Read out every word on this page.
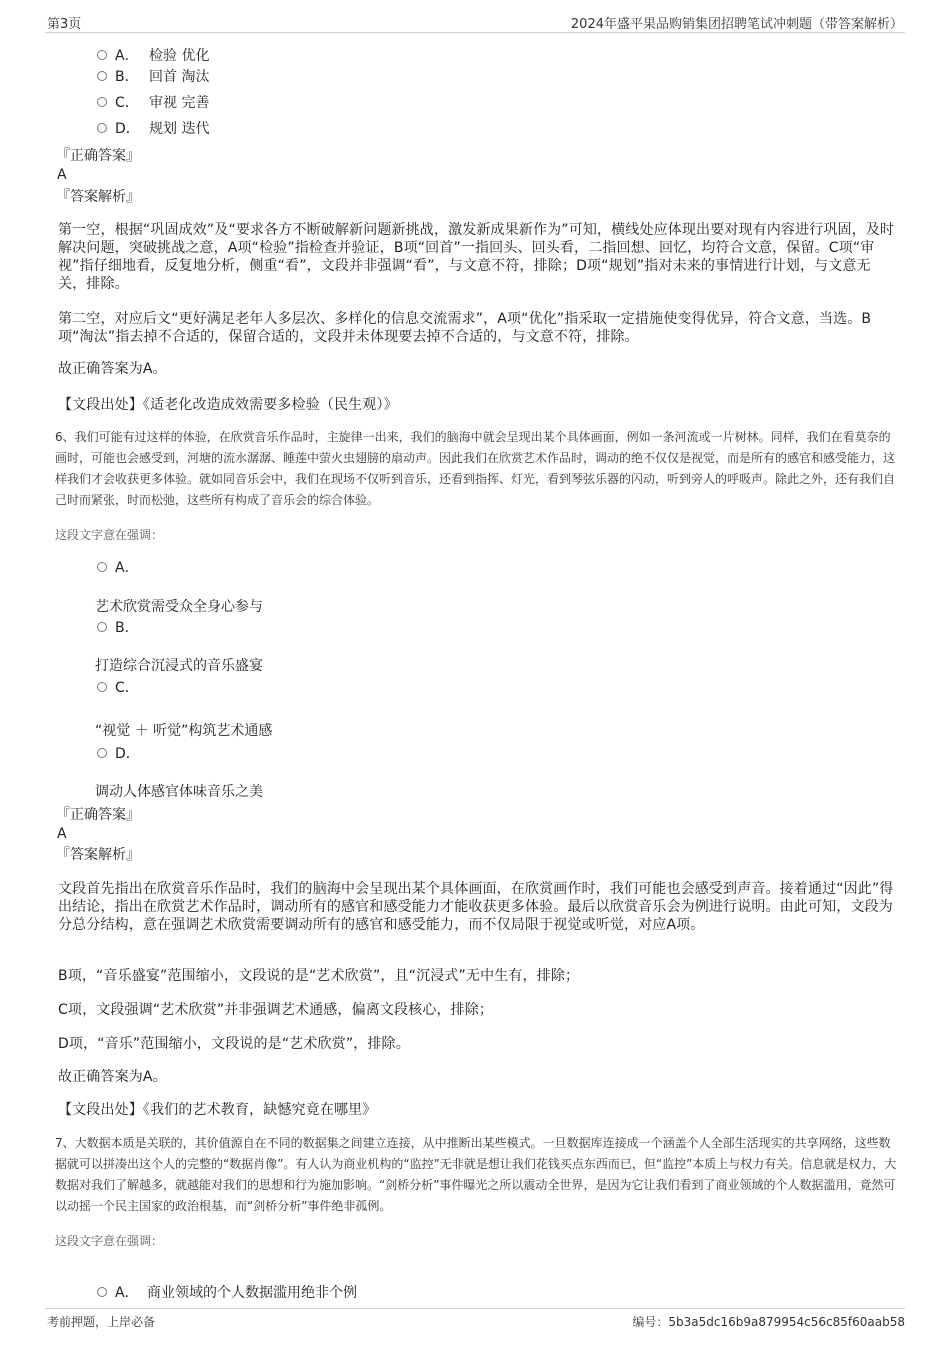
第3页	2024年盛平果品购销集团招聘笔试冲刺题（带答案解析）
A． 检验 优化
B． 回首 淘汰
C． 审视 完善
D． 规划 迭代
『正确答案』
A
『答案解析』
第一空，根据“巩固成效”及“要求各方不断破解新问题新挑战，激发新成果新作为”可知，横线处应体现出要对现有内容进行巩固，及时解决问题，突破挑战之意，A项“检验”指检查并验证，B项“回首”一指回头、回头看，二指回想、回忆，均符合文意，保留。C项“审视”指仔细地看，反复地分析，侧重“看”，文段并非强调“看”，与文意不符，排除；D项“规划”指对未来的事情进行计划，与文意无关，排除。
第二空，对应后文“更好满足老年人多层次、多样化的信息交流需求”，A项“优化”指采取一定措施使变得优异，符合文意，当选。B项“淘汰”指去掉不合适的，保留合适的，文段并未体现要去掉不合适的，与文意不符，排除。
故正确答案为A。
【文段出处】《适老化改造成效需要多检验（民生观）》
6、我们可能有过这样的体验，在欣赏音乐作品时，主旋律一出来，我们的脑海中就会呈现出某个具体画面，例如一条河流或一片树林。同样，我们在看莫奈的画时，可能也会感受到，河塘的流水潺潺、睡莲中萤火虫翅膀的扇动声。因此我们在欣赏艺术作品时，调动的绝不仅仅是视觉，而是所有的感官和感受能力，这样我们才会收获更多体验。就如同音乐会中，我们在现场不仅听到音乐，还看到指挥、灯光，看到琴弦乐器的闪动，听到旁人的呼吸声。除此之外，还有我们自己时而紧张，时而松弛，这些所有构成了音乐会的综合体验。
这段文字意在强调：
A．
艺术欣赏需受众全身心参与
B．
打造综合沉浸式的音乐盛宴
C．
“视觉 ＋ 听觉”构筑艺术通感
D．
调动人体感官体味音乐之美
『正确答案』
A
『答案解析』
文段首先指出在欣赏音乐作品时，我们的脑海中会呈现出某个具体画面，在欣赏画作时，我们可能也会感受到声音。接着通过“因此”得出结论，指出在欣赏艺术作品时，调动所有的感官和感受能力才能收获更多体验。最后以欣赏音乐会为例进行说明。由此可知，文段为分总分结构，意在强调艺术欣赏需要调动所有的感官和感受能力，而不仅局限于视觉或听觉，对应A项。
B项，“音乐盛宴”范围缩小，文段说的是“艺术欣赏”，且“沉浸式”无中生有，排除；
C项，文段强调“艺术欣赏”并非强调艺术通感，偏离文段核心，排除；
D项，“音乐”范围缩小，文段说的是“艺术欣赏”，排除。
故正确答案为A。
【文段出处】《我们的艺术教育，缺憾究竟在哪里》
7、大数据本质是关联的，其价值源自在不同的数据集之间建立连接，从中推断出某些模式。一旦数据库连接成一个涵盖个人全部生活现实的共享网络，这些数据就可以拼凑出这个人的完整的“数据肖像”。有人认为商业机构的“监控”无非就是想让我们花钱买点东西而已，但“监控”本质上与权力有关。信息就是权力，大数据对我们了解越多，就越能对我们的思想和行为施加影响。“剑桥分析”事件曝光之所以震动全世界，是因为它让我们看到了商业领域的个人数据滥用，竟然可以动摇一个民主国家的政治根基，而“剑桥分析”事件绝非孤例。
这段文字意在强调：
A． 商业领域的个人数据滥用绝非个例
考前押题，上岸必备	编号：5b3a5dc16b9a879954c56c85f60aab58
